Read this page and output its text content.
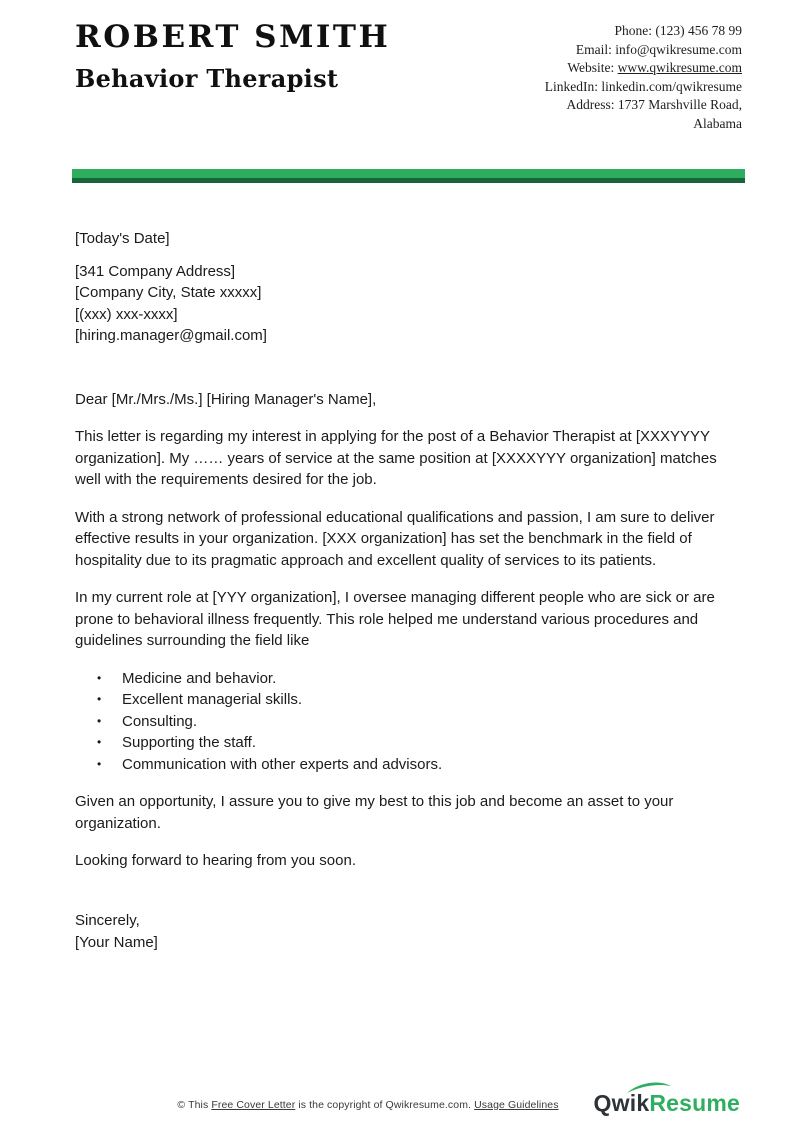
ROBERT SMITH
Behavior Therapist
Phone: (123) 456 78 99
Email: info@qwikresume.com
Website: www.qwikresume.com
LinkedIn: linkedin.com/qwikresume
Address: 1737 Marshville Road,
Alabama
[Today's Date]
[341 Company Address]
[Company City, State xxxxx]
[(xxx) xxx-xxxx]
[hiring.manager@gmail.com]
Dear [Mr./Mrs./Ms.] [Hiring Manager's Name],

This letter is regarding my interest in applying for the post of a Behavior Therapist at [XXXYYYY organization]. My …… years of service at the same position at [XXXXYYY organization] matches well with the requirements desired for the job.

With a strong network of professional educational qualifications and passion, I am sure to deliver effective results in your organization. [XXX organization] has set the benchmark in the field of hospitality due to its pragmatic approach and excellent quality of services to its patients.

In my current role at [YYY organization], I oversee managing different people who are sick or are prone to behavioral illness frequently. This role helped me understand various procedures and guidelines surrounding the field like

• Medicine and behavior.
• Excellent managerial skills.
• Consulting.
• Supporting the staff.
• Communication with other experts and advisors.

Given an opportunity, I assure you to give my best to this job and become an asset to your organization.

Looking forward to hearing from you soon.

Sincerely,
[Your Name]
© This Free Cover Letter is the copyright of Qwikresume.com. Usage Guidelines QwikResume
